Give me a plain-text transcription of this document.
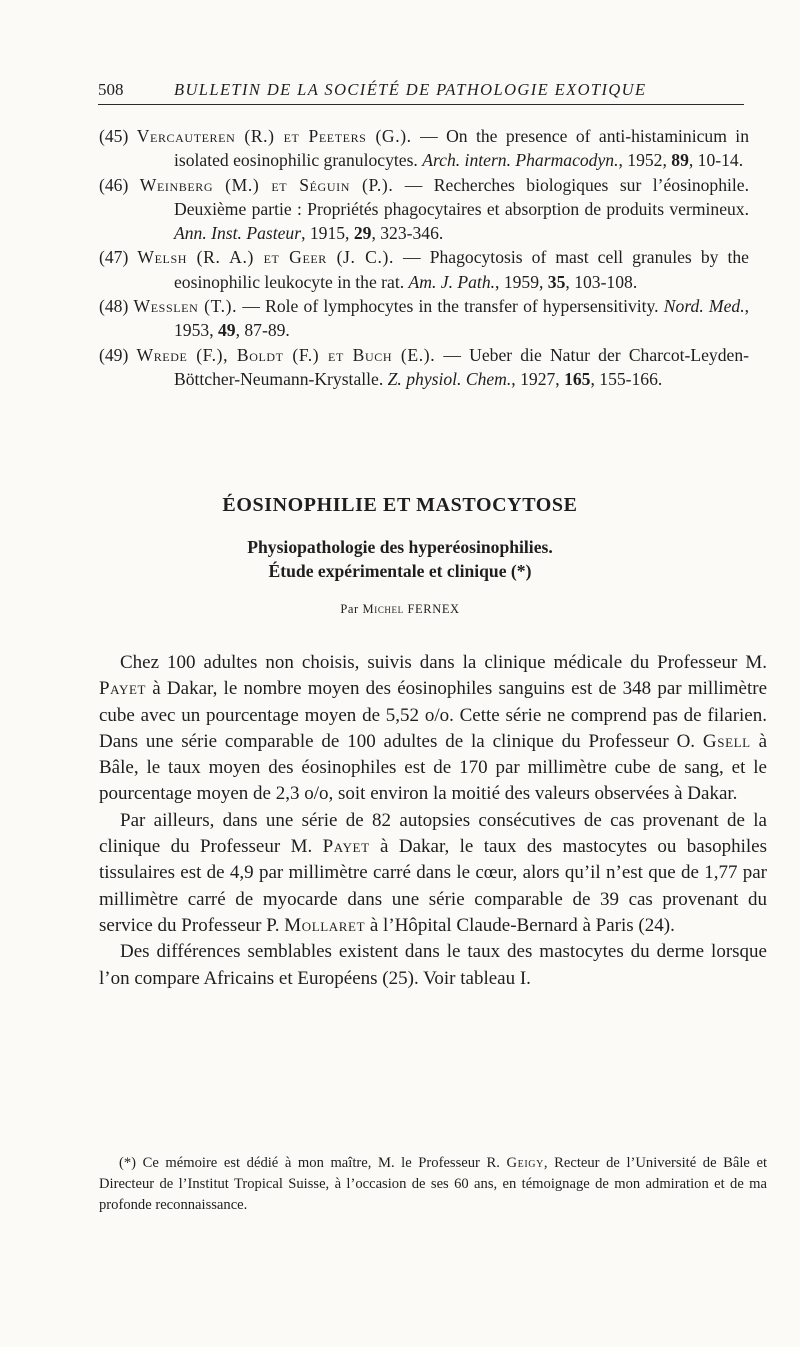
508	BULLETIN DE LA SOCIÉTÉ DE PATHOLOGIE EXOTIQUE
(45) Vercauteren (R.) et Peeters (G.). — On the presence of anti-histaminicum in isolated eosinophilic granulocytes. Arch. intern. Pharmacodyn., 1952, 89, 10-14.
(46) Weinberg (M.) et Séguin (P.). — Recherches biologiques sur l’éosinophile. Deuxième partie : Propriétés phagocytaires et absorption de produits vermineux. Ann. Inst. Pasteur, 1915, 29, 323-346.
(47) Welsh (R. A.) et Geer (J. C.). — Phagocytosis of mast cell granules by the eosinophilic leukocyte in the rat. Am. J. Path., 1959, 35, 103-108.
(48) Wesslen (T.). — Role of lymphocytes in the transfer of hypersensitivity. Nord. Med., 1953, 49, 87-89.
(49) Wrede (F.), Boldt (F.) et Buch (E.). — Ueber die Natur der Charcot-Leyden-Böttcher-Neumann-Krystalle. Z. physiol. Chem., 1927, 165, 155-166.
ÉOSINOPHILIE ET MASTOCYTOSE
Physiopathologie des hyperéosinophilies.
Étude expérimentale et clinique (*)

Par Michel FERNEX

Chez 100 adultes non choisis, suivis dans la clinique médicale du Professeur M. Payet à Dakar, le nombre moyen des éosinophiles sanguins est de 348 par millimètre cube avec un pourcentage moyen de 5,52 o/o. Cette série ne comprend pas de filarien. Dans une série comparable de 100 adultes de la clinique du Professeur O. Gsell à Bâle, le taux moyen des éosinophiles est de 170 par millimètre cube de sang, et le pourcentage moyen de 2,3 o/o, soit environ la moitié des valeurs observées à Dakar.

Par ailleurs, dans une série de 82 autopsies consécutives de cas provenant de la clinique du Professeur M. Payet à Dakar, le taux des mastocytes ou basophiles tissulaires est de 4,9 par millimètre carré dans le cœur, alors qu’il n’est que de 1,77 par millimètre carré de myocarde dans une série comparable de 39 cas provenant du service du Professeur P. Mollaret à l’Hôpital Claude-Bernard à Paris (24).

Des différences semblables existent dans le taux des mastocytes du derme lorsque l’on compare Africains et Européens (25). Voir tableau I.

(*) Ce mémoire est dédié à mon maître, M. le Professeur R. Geigy, Recteur de l’Université de Bâle et Directeur de l’Institut Tropical Suisse, à l’occasion de ses 60 ans, en témoignage de mon admiration et de ma profonde reconnaissance.
